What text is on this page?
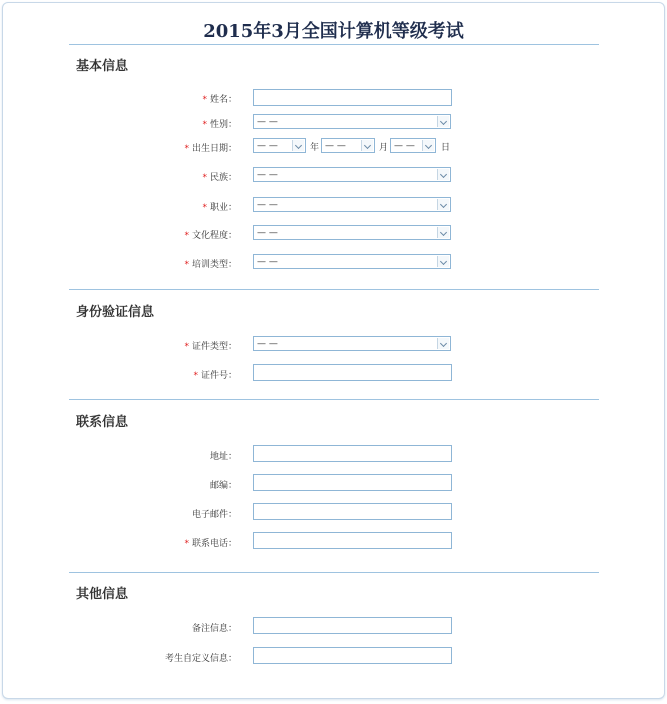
2015年3月全国计算机等级考试
基本信息
* 姓名：
* 性别： — —
* 出生日期： — —	年 — —	月 — —	日
* 民族： — —
* 职业： — —
* 文化程度： — —
* 培训类型： — —
身份验证信息
* 证件类型： — —
* 证件号：
联系信息
地址：
邮编：
电子邮件：
* 联系电话：
其他信息
备注信息：
考生自定义信息：
